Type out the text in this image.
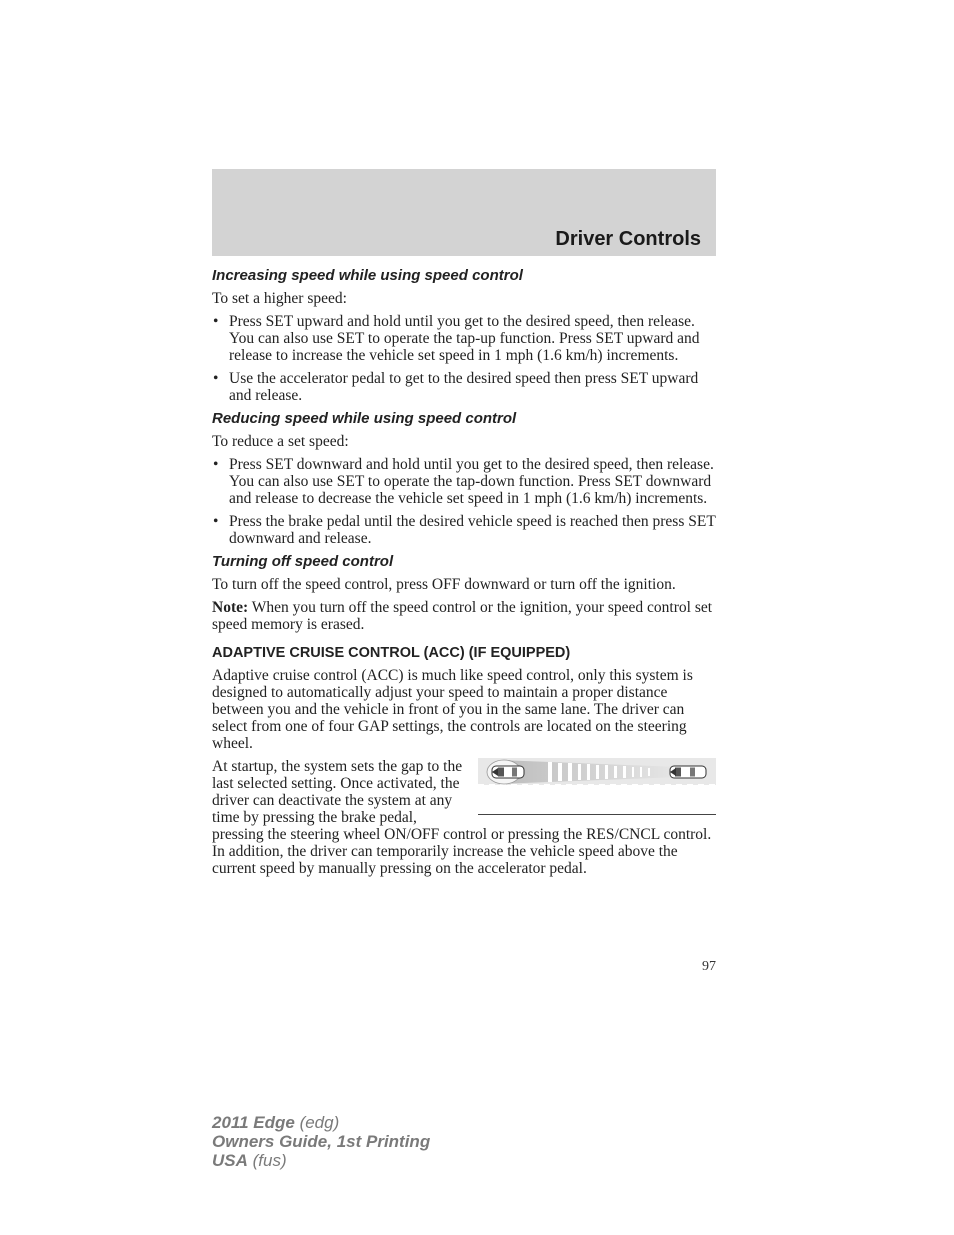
Driver Controls
Increasing speed while using speed control

To set a higher speed:

• Press SET upward and hold until you get to the desired speed, then release. You can also use SET to operate the tap-up function. Press SET upward and release to increase the vehicle set speed in 1 mph (1.6 km/h) increments.
• Use the accelerator pedal to get to the desired speed then press SET upward and release.
Reducing speed while using speed control

To reduce a set speed:

• Press SET downward and hold until you get to the desired speed, then release. You can also use SET to operate the tap-down function. Press SET downward and release to decrease the vehicle set speed in 1 mph (1.6 km/h) increments.
• Press the brake pedal until the desired vehicle speed is reached then press SET downward and release.
Turning off speed control

To turn off the speed control, press OFF downward or turn off the ignition.

Note: When you turn off the speed control or the ignition, your speed control set speed memory is erased.

ADAPTIVE CRUISE CONTROL (ACC) (IF EQUIPPED)

Adaptive cruise control (ACC) is much like speed control, only this system is designed to automatically adjust your speed to maintain a proper distance between you and the vehicle in front of you in the same lane. The driver can select from one of four GAP settings, the controls are located on the steering wheel.

At startup, the system sets the gap to the last selected setting. Once activated, the driver can deactivate the system at any time by pressing the brake pedal, pressing the steering wheel ON/OFF control or pressing the RES/CNCL control. In addition, the driver can temporarily increase the vehicle speed above the current speed by manually pressing on the accelerator pedal.

97
2011 Edge (edg)
Owners Guide, 1st Printing
USA (fus)
